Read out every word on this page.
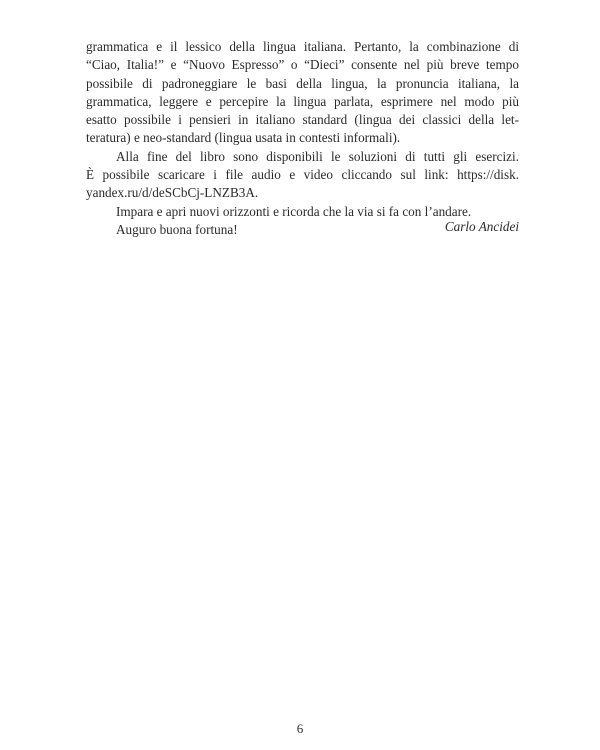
grammatica e il lessico della lingua italiana. Pertanto, la combinazione di
“Ciao, Italia!” e “Nuovo Espresso” o “Dieci” consente nel più breve tempo
possibile di padroneggiare le basi della lingua, la pronuncia italiana, la
grammatica, leggere e percepire la lingua parlata, esprimere nel modo più
esatto possibile i pensieri in italiano standard (lingua dei classici della let-
teratura) e neo-standard (lingua usata in contesti informali).
Alla fine del libro sono disponibili le soluzioni di tutti gli esercizi.
È possibile scaricare i file audio e video cliccando sul link: https://disk.
yandex.ru/d/deSCbCj-LNZB3A.
Impara e apri nuovi orizzonti e ricorda che la via si fa con l’andare.
Auguro buona fortuna!	Carlo Ancidei
6
